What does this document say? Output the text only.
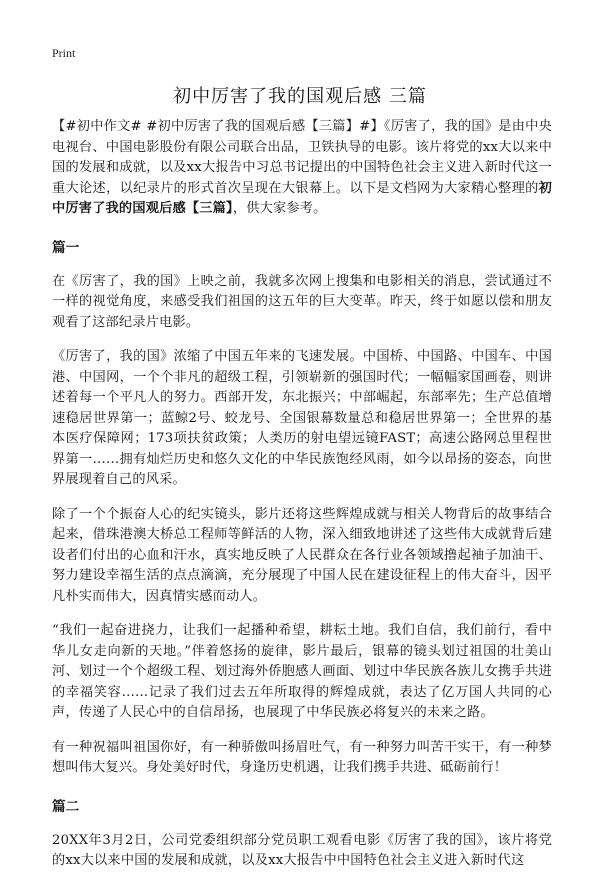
Print
初中厉害了我的国观后感 三篇

【#初中作文# #初中厉害了我的国观后感【三篇】#】《厉害了，我的国》是由中央电视台、中国电影股份有限公司联合出品，卫铁执导的电影。该片将党的xx大以来中国的发展和成就，以及xx大报告中习总书记提出的中国特色社会主义进入新时代这一重大论述，以纪录片的形式首次呈现在大银幕上。以下是文档网为大家精心整理的初中厉害了我的国观后感【三篇】，供大家参考。

篇一

在《厉害了，我的国》上映之前，我就多次网上搜集和电影相关的消息，尝试通过不一样的视觉角度，来感受我们祖国的这五年的巨大变革。昨天，终于如愿以偿和朋友观看了这部纪录片电影。

《厉害了，我的国》浓缩了中国五年来的飞速发展。中国桥、中国路、中国车、中国港、中国网，一个个非凡的超级工程，引领崭新的强国时代；一幅幅家国画卷，则讲述着每一个平凡人的努力。西部开发，东北振兴；中部崛起，东部率先；生产总值增速稳居世界第一；蓝鲸2号、蛟龙号、全国银幕数量总和稳居世界第一；全世界的基本医疗保障网；173项扶贫政策；人类历的射电望远镜FAST；高速公路网总里程世界第一……拥有灿烂历史和悠久文化的中华民族饱经风雨，如今以昂扬的姿态，向世界展现着自己的风采。

除了一个个振奋人心的纪实镜头，影片还将这些辉煌成就与相关人物背后的故事结合起来，借珠港澳大桥总工程师等鲜活的人物，深入细致地讲述了这些伟大成就背后建设者们付出的心血和汗水，真实地反映了人民群众在各行业各领域撸起袖子加油干、努力建设幸福生活的点点滴滴，充分展现了中国人民在建设征程上的伟大奋斗，因平凡朴实而伟大，因真情实感而动人。

“我们一起奋进挠力，让我们一起播种希望，耕耘土地。我们自信，我们前行，看中华儿女走向新的天地。”伴着悠扬的旋律，影片最后，银幕的镜头划过祖国的壮美山河、划过一个个超级工程、划过海外侨胞感人画面、划过中华民族各族儿女携手共进的幸福笑容……记录了我们过去五年所取得的辉煌成就，表达了亿万国人共同的心声，传递了人民心中的自信昂扬，也展现了中华民族必将复兴的未来之路。

有一种祝福叫祖国你好，有一种骄傲叫扬眉吐气，有一种努力叫苦干实干，有一种梦想叫伟大复兴。身处美好时代，身逢历史机遇，让我们携手共进、砥砺前行！

篇二

20XX年3月2日，公司党委组织部分党员职工观看电影《厉害了我的国》，该片将党的xx大以来中国的发展和成就，以及xx大报告中中国特色社会主义进入新时代这
